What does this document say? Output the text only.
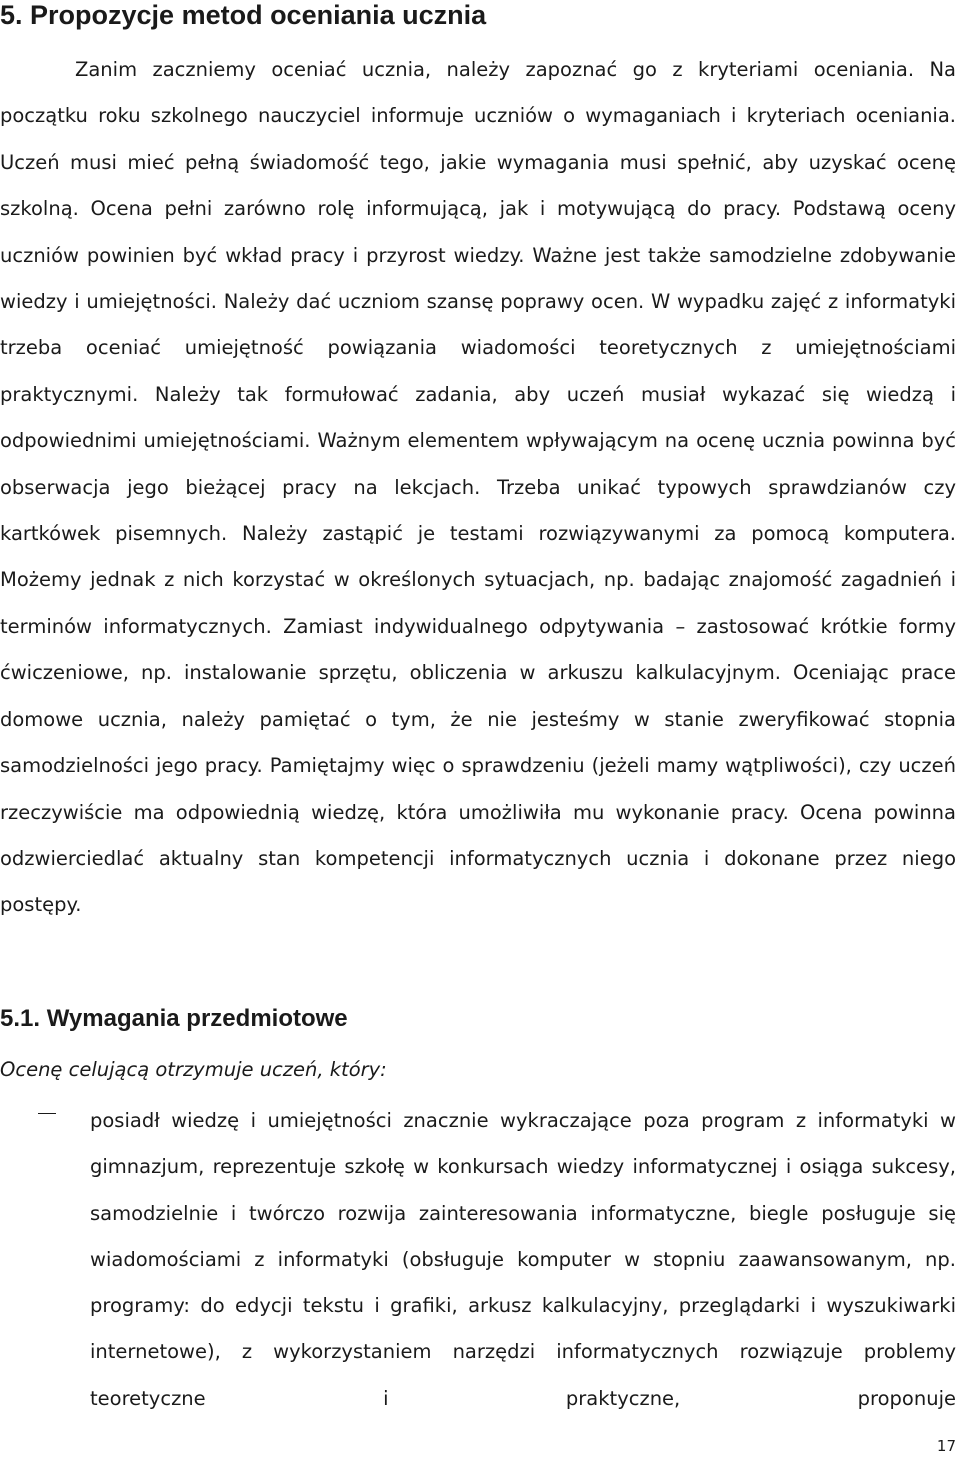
5. Propozycje metod oceniania ucznia

Zanim zaczniemy oceniać ucznia, należy zapoznać go z kryteriami oceniania. Na początku roku szkolnego nauczyciel informuje uczniów o wymaganiach i kryteriach oceniania. Uczeń musi mieć pełną świadomość tego, jakie wymagania musi spełnić, aby uzyskać ocenę szkolną. Ocena pełni zarówno rolę informującą, jak i motywującą do pracy. Podstawą oceny uczniów powinien być wkład pracy i przyrost wiedzy. Ważne jest także samodzielne zdobywanie wiedzy i umiejętności. Należy dać uczniom szansę poprawy ocen. W wypadku zajęć z informatyki trzeba oceniać umiejętność powiązania wiadomości teoretycznych z umiejętnościami praktycznymi. Należy tak formułować zadania, aby uczeń musiał wykazać się wiedzą i odpowiednimi umiejętnościami. Ważnym elementem wpływającym na ocenę ucznia powinna być obserwacja jego bieżącej pracy na lekcjach. Trzeba unikać typowych sprawdzianów czy kartkówek pisemnych. Należy zastąpić je testami rozwiązywanymi za pomocą komputera. Możemy jednak z nich korzystać w określonych sytuacjach, np. badając znajomość zagadnień i terminów informatycznych. Zamiast indywidualnego odpytywania – zastosować krótkie formy ćwiczeniowe, np. instalowanie sprzętu, obliczenia w arkuszu kalkulacyjnym. Oceniając prace domowe ucznia, należy pamiętać o tym, że nie jesteśmy w stanie zweryfikować stopnia samodzielności jego pracy. Pamiętajmy więc o sprawdzeniu (jeżeli mamy wątpliwości), czy uczeń rzeczywiście ma odpowiednią wiedzę, która umożliwiła mu wykonanie pracy. Ocena powinna odzwierciedlać aktualny stan kompetencji informatycznych ucznia i dokonane przez niego postępy.

5.1. Wymagania przedmiotowe

Ocenę celującą otrzymuje uczeń, który:

posiadł wiedzę i umiejętności znacznie wykraczające poza program z informatyki w gimnazjum, reprezentuje szkołę w konkursach wiedzy informatycznej i osiąga sukcesy, samodzielnie i twórczo rozwija zainteresowania informatyczne, biegle posługuje się wiadomościami z informatyki (obsługuje komputer w stopniu zaawansowanym, np. programy: do edycji tekstu i grafiki, arkusz kalkulacyjny, przeglądarki i wyszukiwarki internetowe), z wykorzystaniem narzędzi informatycznych rozwiązuje problemy teoretyczne i praktyczne, proponuje

17
